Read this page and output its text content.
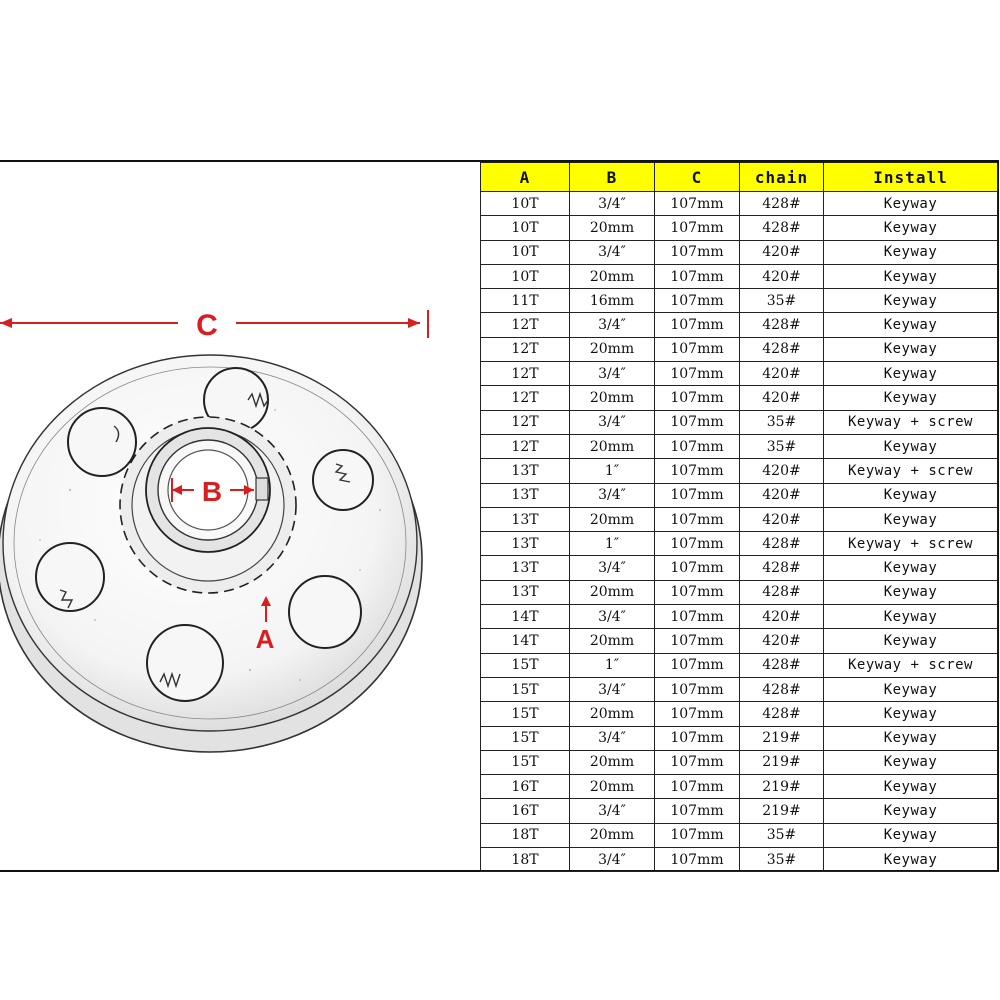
C
B
A
A	B	C	chain	Install
10T	3/4″	107mm	428#	Keyway
10T	20mm	107mm	428#	Keyway
10T	3/4″	107mm	420#	Keyway
10T	20mm	107mm	420#	Keyway
11T	16mm	107mm	35#	Keyway
12T	3/4″	107mm	428#	Keyway
12T	20mm	107mm	428#	Keyway
12T	3/4″	107mm	420#	Keyway
12T	20mm	107mm	420#	Keyway
12T	3/4″	107mm	35#	Keyway + screw
12T	20mm	107mm	35#	Keyway
13T	1″	107mm	420#	Keyway + screw
13T	3/4″	107mm	420#	Keyway
13T	20mm	107mm	420#	Keyway
13T	1″	107mm	428#	Keyway + screw
13T	3/4″	107mm	428#	Keyway
13T	20mm	107mm	428#	Keyway
14T	3/4″	107mm	420#	Keyway
14T	20mm	107mm	420#	Keyway
15T	1″	107mm	428#	Keyway + screw
15T	3/4″	107mm	428#	Keyway
15T	20mm	107mm	428#	Keyway
15T	3/4″	107mm	219#	Keyway
15T	20mm	107mm	219#	Keyway
16T	20mm	107mm	219#	Keyway
16T	3/4″	107mm	219#	Keyway
18T	20mm	107mm	35#	Keyway
18T	3/4″	107mm	35#	Keyway
